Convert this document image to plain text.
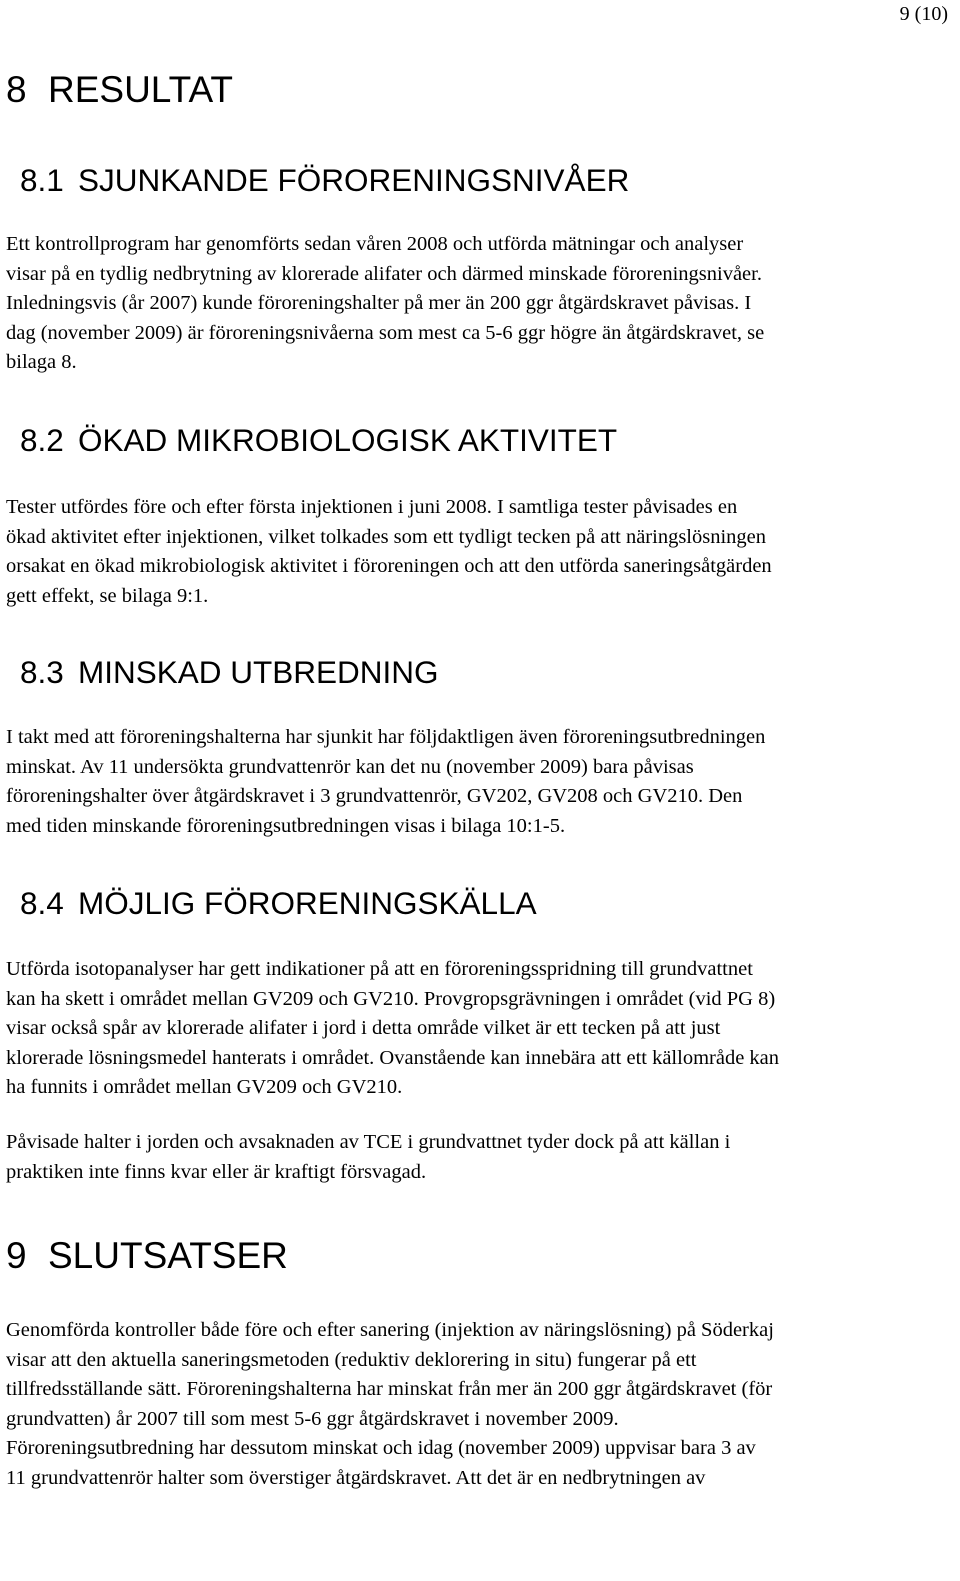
9 (10)
8 RESULTAT
8.1 SJUNKANDE FÖRORENINGSNIVÅER

Ett kontrollprogram har genomförts sedan våren 2008 och utförda mätningar och analyser
visar på en tydlig nedbrytning av klorerade alifater och därmed minskade föroreningsnivåer.
Inledningsvis (år 2007) kunde föroreningshalter på mer än 200 ggr åtgärdskravet påvisas. I
dag (november 2009) är föroreningsnivåerna som mest ca 5-6 ggr högre än åtgärdskravet, se
bilaga 8.

8.2 ÖKAD MIKROBIOLOGISK AKTIVITET

Tester utfördes före och efter första injektionen i juni 2008. I samtliga tester påvisades en
ökad aktivitet efter injektionen, vilket tolkades som ett tydligt tecken på att näringslösningen
orsakat en ökad mikrobiologisk aktivitet i föroreningen och att den utförda saneringsåtgärden
gett effekt, se bilaga 9:1.

8.3 MINSKAD UTBREDNING

I takt med att föroreningshalterna har sjunkit har följdaktligen även föroreningsutbredningen
minskat. Av 11 undersökta grundvattenrör kan det nu (november 2009) bara påvisas
föroreningshalter över åtgärdskravet i 3 grundvattenrör, GV202, GV208 och GV210. Den
med tiden minskande föroreningsutbredningen visas i bilaga 10:1-5.

8.4 MÖJLIG FÖRORENINGSKÄLLA

Utförda isotopanalyser har gett indikationer på att en föroreningsspridning till grundvattnet
kan ha skett i området mellan GV209 och GV210. Provgropsgrävningen i området (vid PG 8)
visar också spår av klorerade alifater i jord i detta område vilket är ett tecken på att just
klorerade lösningsmedel hanterats i området. Ovanstående kan innebära att ett källområde kan
ha funnits i området mellan GV209 och GV210.

Påvisade halter i jorden och avsaknaden av TCE i grundvattnet tyder dock på att källan i
praktiken inte finns kvar eller är kraftigt försvagad.

9 SLUTSATSER

Genomförda kontroller både före och efter sanering (injektion av näringslösning) på Söderkaj
visar att den aktuella saneringsmetoden (reduktiv deklorering in situ) fungerar på ett
tillfredsställande sätt. Föroreningshalterna har minskat från mer än 200 ggr åtgärdskravet (för
grundvatten) år 2007 till som mest 5-6 ggr åtgärdskravet i november 2009.
Föroreningsutbredning har dessutom minskat och idag (november 2009) uppvisar bara 3 av
11 grundvattenrör halter som överstiger åtgärdskravet. Att det är en nedbrytningen av
